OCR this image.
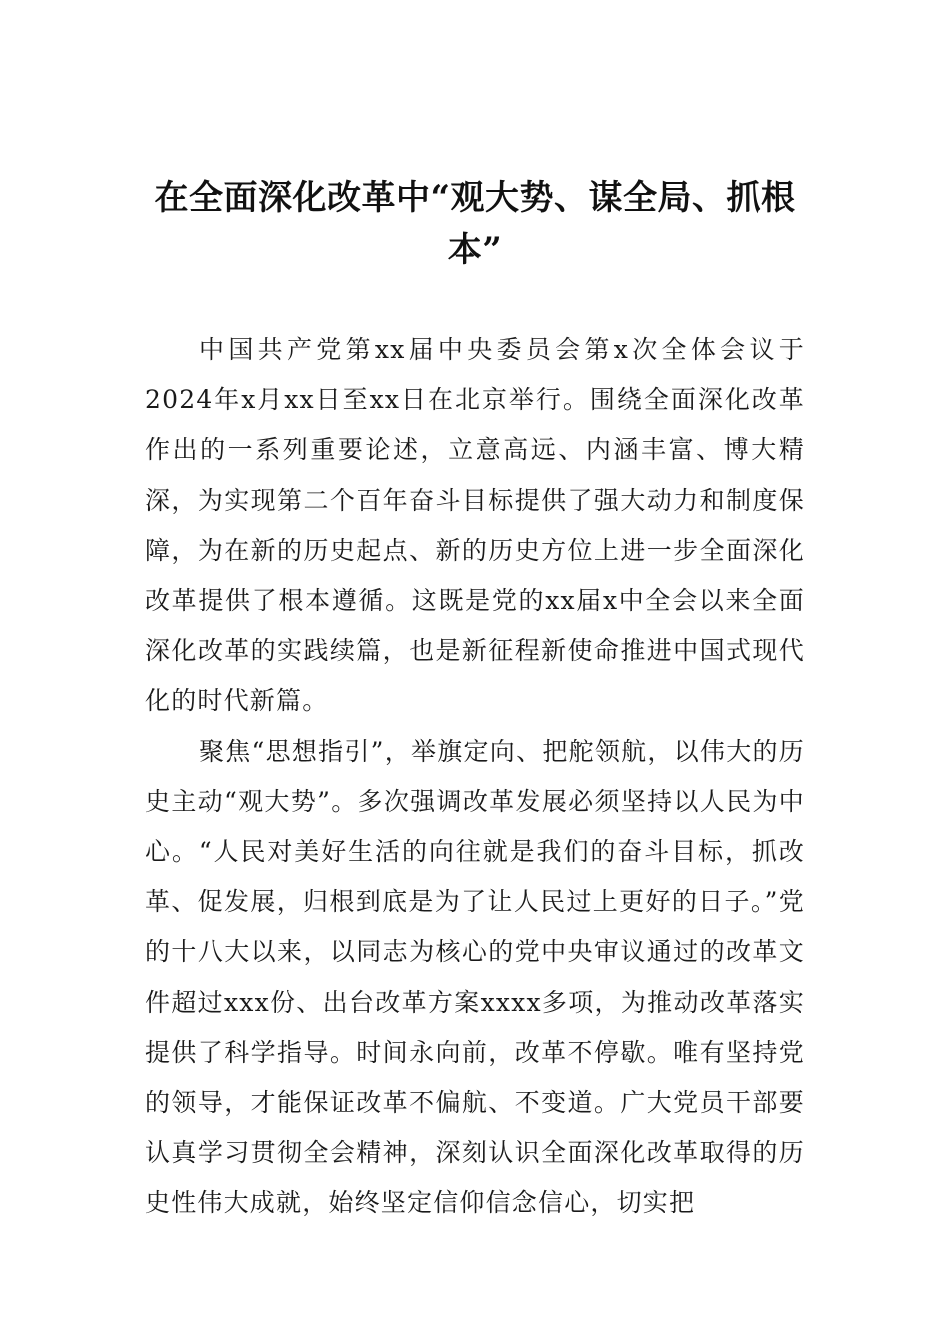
在全面深化改革中“观大势、谋全局、抓根本”

中国共产党第xx届中央委员会第x次全体会议于2024年x月xx日至xx日在北京举行。围绕全面深化改革作出的一系列重要论述，立意高远、内涵丰富、博大精深，为实现第二个百年奋斗目标提供了强大动力和制度保障，为在新的历史起点、新的历史方位上进一步全面深化改革提供了根本遵循。这既是党的xx届x中全会以来全面深化改革的实践续篇，也是新征程新使命推进中国式现代化的时代新篇。

聚焦“思想指引”，举旗定向、把舵领航，以伟大的历史主动“观大势”。多次强调改革发展必须坚持以人民为中心。“人民对美好生活的向往就是我们的奋斗目标，抓改革、促发展，归根到底是为了让人民过上更好的日子。”党的十八大以来，以同志为核心的党中央审议通过的改革文件超过xxx份、出台改革方案xxxx多项，为推动改革落实提供了科学指导。时间永向前，改革不停歇。唯有坚持党的领导，才能保证改革不偏航、不变道。广大党员干部要认真学习贯彻全会精神，深刻认识全面深化改革取得的历史性伟大成就，始终坚定信仰信念信心，切实把
